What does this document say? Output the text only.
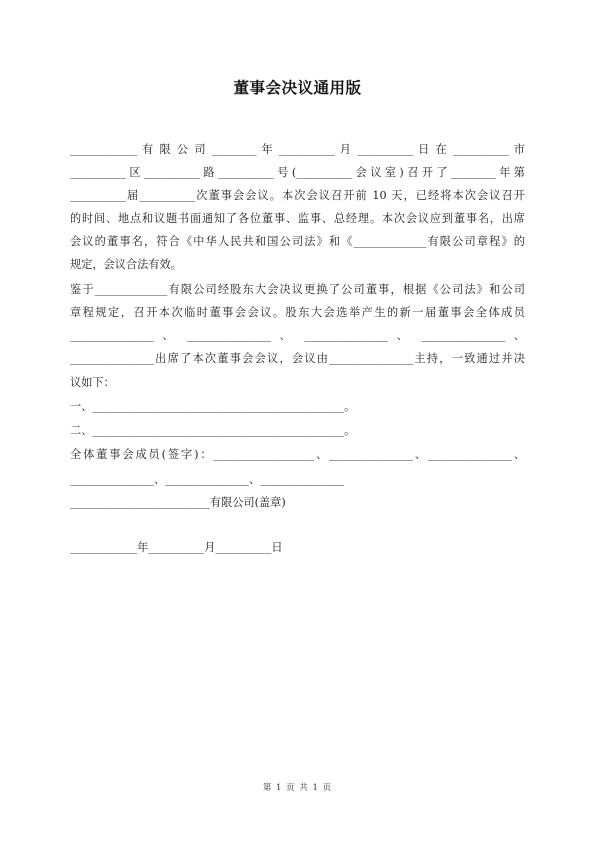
董事会决议通用版
____________ 有 限 公 司 ________ 年 __________ 月 __________ 日 在 __________ 市
__________区__________路__________号(__________会议室)召开了________年第
__________届__________次董事会会议。本次会议召开前 10 天，已经将本次会议召开
的时间、地点和议题书面通知了各位董事、监事、总经理。本次会议应到董事名，出席
会议的董事名，符合《中华人民共和国公司法》和《_____________有限公司章程》的
规定，会议合法有效。
鉴于_____________有限公司经股东大会决议更换了公司董事，根据《公司法》和公司
章程规定，召开本次临时董事会会议。股东大会选举产生的新一届董事会全体成员
_______________ 、 _______________ 、 _______________ 、 _______________ 、
_______________出席了本次董事会会议，会议由_______________主持，一致通过并决
议如下：
一、_____________________________________________。
二、_____________________________________________。
全体董事会成员(签字)：__________________、_______________、_______________、
_______________、_______________、_______________
_________________________有限公司(盖章)
____________年__________月__________日
第 1 页 共 1 页
